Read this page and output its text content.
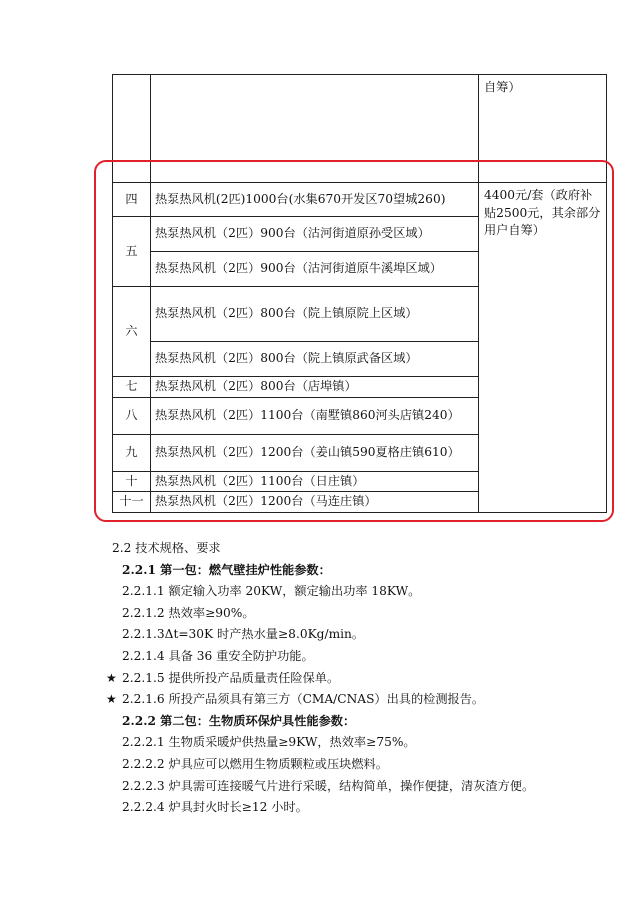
		自筹）
四	热泵热风机(2匹)1000台(水集670开发区70望城260)	4400元/套（政府补
贴2500元，其余部分
用户自筹）

五	热泵热风机（2匹）900台（沽河街道原孙受区域）	
	热泵热风机（2匹）900台（沽河街道原牛溪埠区域）	
六	热泵热风机（2匹）800台（院上镇原院上区域）	
	热泵热风机（2匹）800台（院上镇原武备区域）	
七	热泵热风机（2匹）800台（店埠镇）	
八	热泵热风机（2匹）1100台（南墅镇860河头店镇240）	
九	热泵热风机（2匹）1200台（姜山镇590夏格庄镇610）	
十	热泵热风机（2匹）1100台（日庄镇）	
十一	热泵热风机（2匹）1200台（马连庄镇）	
2.2 技术规格、要求
2.2.1 第一包：燃气壁挂炉性能参数：
2.2.1.1 额定输入功率 20KW，额定输出功率 18KW。
2.2.1.2 热效率≥90%。
2.2.1.3Δt=30K 时产热水量≥8.0Kg/min。
2.2.1.4 具备 36 重安全防护功能。
★ 2.2.1.5 提供所投产品质量责任险保单。
★ 2.2.1.6 所投产品须具有第三方（CMA/CNAS）出具的检测报告。
2.2.2 第二包：生物质环保炉具性能参数：
2.2.2.1 生物质采暖炉供热量≥9KW，热效率≥75%。
2.2.2.2 炉具应可以燃用生物质颗粒或压块燃料。
2.2.2.3 炉具需可连接暖气片进行采暖，结构简单，操作便捷，清灰渣方便。
2.2.2.4 炉具封火时长≥12 小时。
